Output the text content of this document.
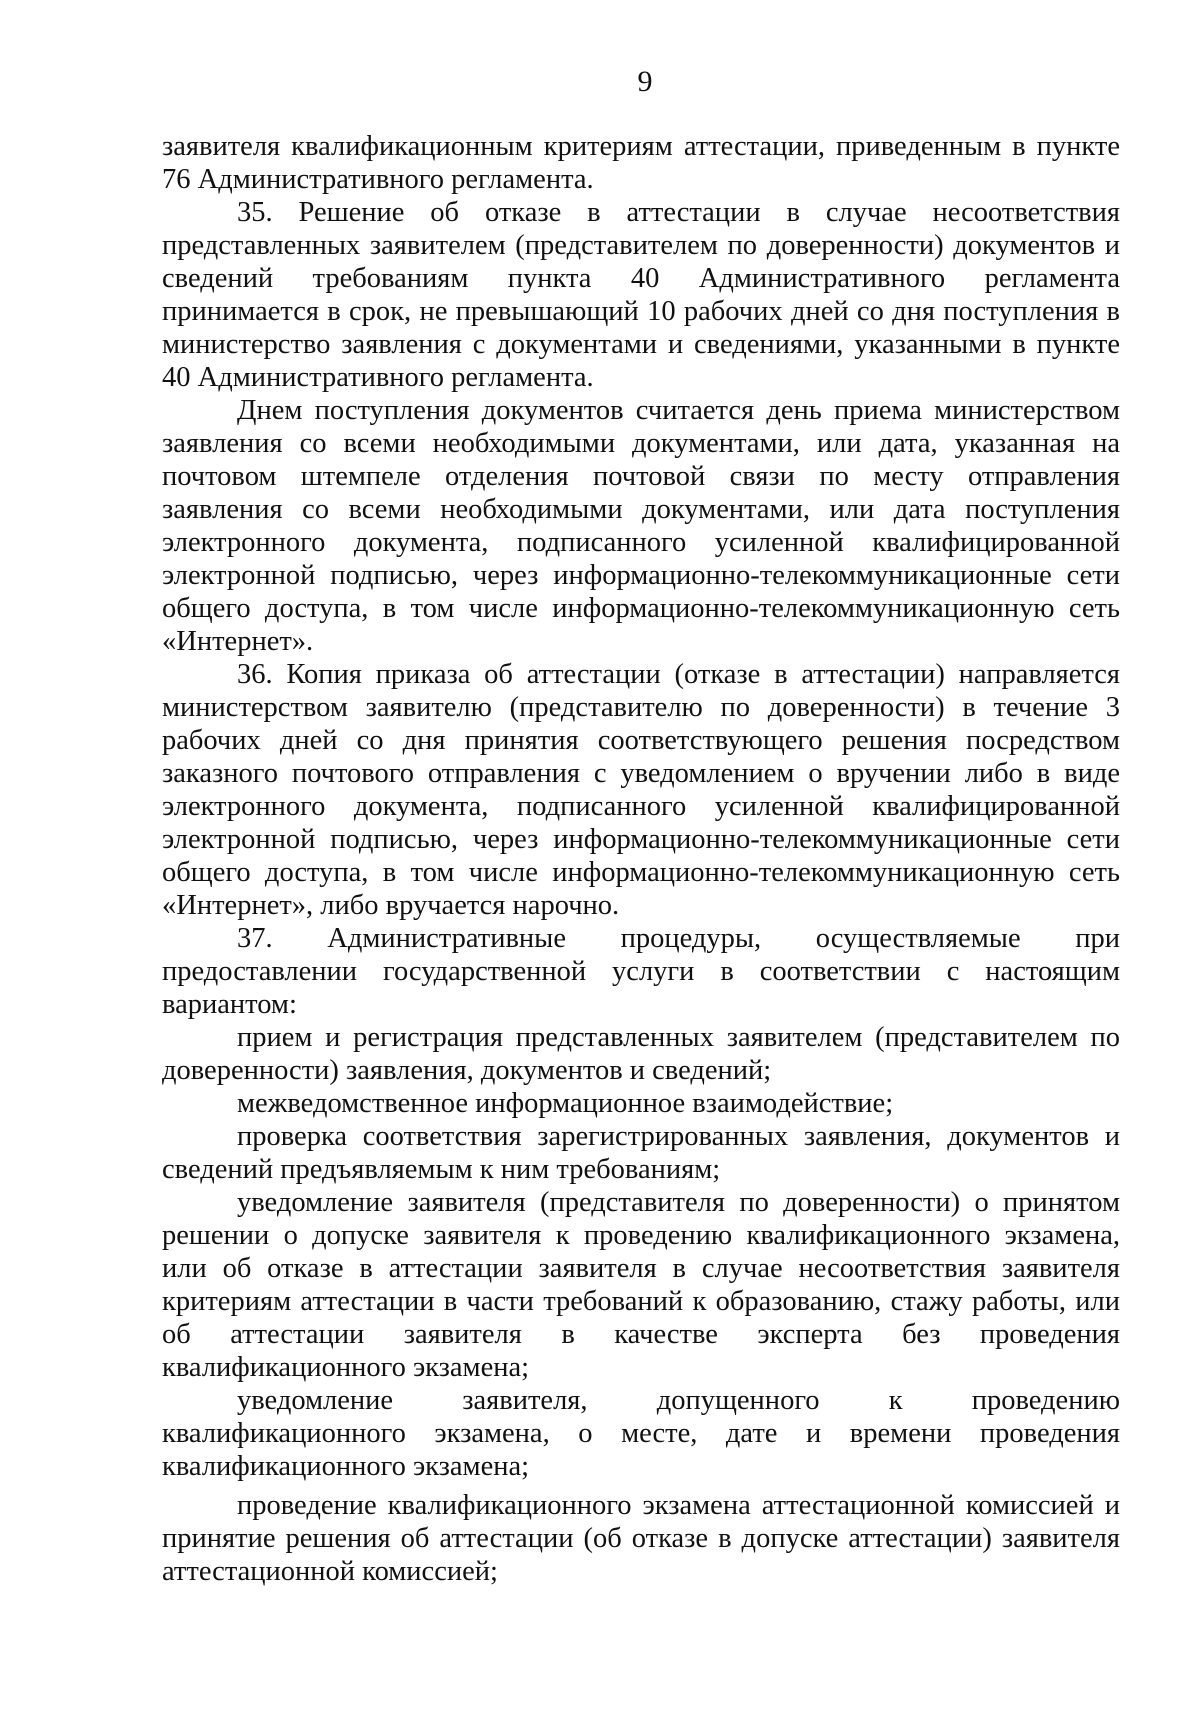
9

заявителя квалификационным критериям аттестации, приведенным в пункте 76 Административного регламента.

35. Решение об отказе в аттестации в случае несоответствия представленных заявителем (представителем по доверенности) документов и сведений требованиям пункта 40 Административного регламента принимается в срок, не превышающий 10 рабочих дней со дня поступления в министерство заявления с документами и сведениями, указанными в пункте 40 Административного регламента.

Днем поступления документов считается день приема министерством заявления со всеми необходимыми документами, или дата, указанная на почтовом штемпеле отделения почтовой связи по месту отправления заявления со всеми необходимыми документами, или дата поступления электронного документа, подписанного усиленной квалифицированной электронной подписью, через информационно-телекоммуникационные сети общего доступа, в том числе информационно-телекоммуникационную сеть «Интернет».

36. Копия приказа об аттестации (отказе в аттестации) направляется министерством заявителю (представителю по доверенности) в течение 3 рабочих дней со дня принятия соответствующего решения посредством заказного почтового отправления с уведомлением о вручении либо в виде электронного документа, подписанного усиленной квалифицированной электронной подписью, через информационно-телекоммуникационные сети общего доступа, в том числе информационно-телекоммуникационную сеть «Интернет», либо вручается нарочно.

37. Административные процедуры, осуществляемые при предоставлении государственной услуги в соответствии с настоящим вариантом:

прием и регистрация представленных заявителем (представителем по доверенности) заявления, документов и сведений;

межведомственное информационное взаимодействие;

проверка соответствия зарегистрированных заявления, документов и сведений предъявляемым к ним требованиям;

уведомление заявителя (представителя по доверенности) о принятом решении о допуске заявителя к проведению квалификационного экзамена, или об отказе в аттестации заявителя в случае несоответствия заявителя критериям аттестации в части требований к образованию, стажу работы, или об аттестации заявителя в качестве эксперта без проведения квалификационного экзамена;

уведомление заявителя, допущенного к проведению квалификационного экзамена, о месте, дате и времени проведения квалификационного экзамена;

проведение квалификационного экзамена аттестационной комиссией и принятие решения об аттестации (об отказе в допуске аттестации) заявителя аттестационной комиссией;
